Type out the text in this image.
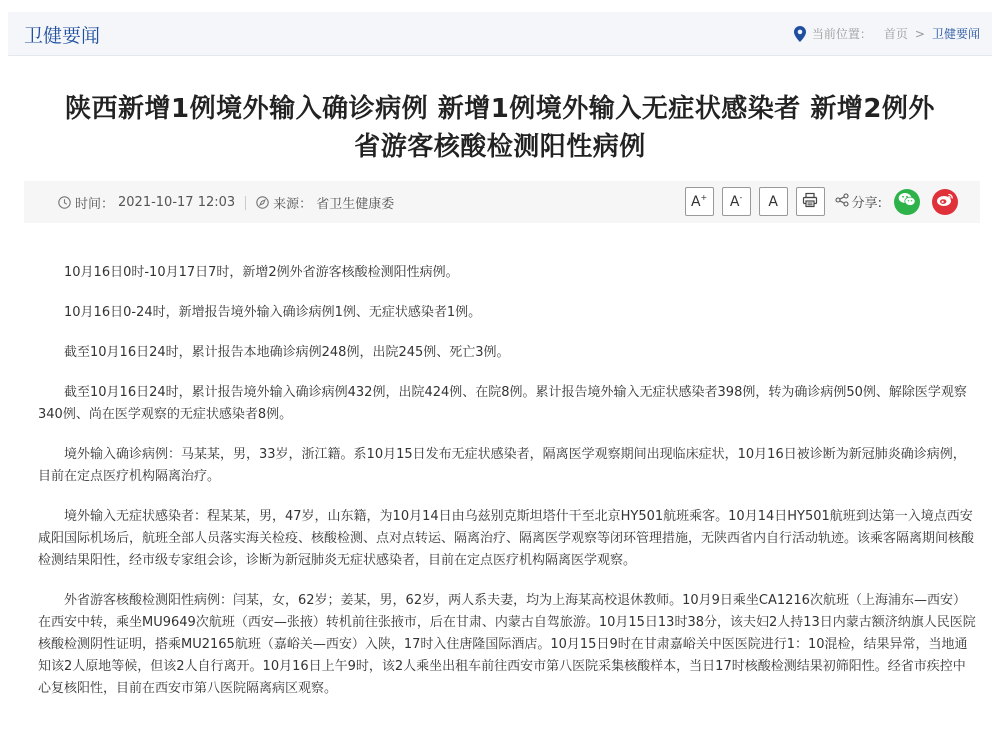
卫健要闻	当前位置： 首页 > 卫健要闻
陕西新增1例境外输入确诊病例 新增1例境外输入无症状感染者 新增2例外
省游客核酸检测阳性病例
时间： 2021-10-17 12:03	来源： 省卫生健康委	A+ A- A	分享:

10月16日0时-10月17日7时，新增2例外省游客核酸检测阳性病例。

10月16日0-24时，新增报告境外输入确诊病例1例、无症状感染者1例。

截至10月16日24时，累计报告本地确诊病例248例，出院245例、死亡3例。

截至10月16日24时，累计报告境外输入确诊病例432例，出院424例、在院8例。累计报告境外输入无症状感染者398例，转为确诊病例50例、解除医学观察340例、尚在医学观察的无症状感染者8例。

境外输入确诊病例：马某某，男，33岁，浙江籍。系10月15日发布无症状感染者，隔离医学观察期间出现临床症状，10月16日被诊断为新冠肺炎确诊病例，目前在定点医疗机构隔离治疗。

境外输入无症状感染者：程某某，男，47岁，山东籍，为10月14日由乌兹别克斯坦塔什干至北京HY501航班乘客。10月14日HY501航班到达第一入境点西安咸阳国际机场后，航班全部人员落实海关检疫、核酸检测、点对点转运、隔离治疗、隔离医学观察等闭环管理措施，无陕西省内自行活动轨迹。该乘客隔离期间核酸检测结果阳性，经市级专家组会诊，诊断为新冠肺炎无症状感染者，目前在定点医疗机构隔离医学观察。

外省游客核酸检测阳性病例：闫某，女，62岁；姜某，男，62岁，两人系夫妻，均为上海某高校退休教师。10月9日乘坐CA1216次航班（上海浦东—西安）在西安中转，乘坐MU9649次航班（西安—张掖）转机前往张掖市，后在甘肃、内蒙古自驾旅游。10月15日13时38分，该夫妇2人持13日内蒙古额济纳旗人民医院核酸检测阴性证明，搭乘MU2165航班（嘉峪关—西安）入陕，17时入住唐隆国际酒店。10月15日9时在甘肃嘉峪关中医医院进行1：10混检，结果异常，当地通知该2人原地等候，但该2人自行离开。10月16日上午9时，该2人乘坐出租车前往西安市第八医院采集核酸样本，当日17时核酸检测结果初筛阳性。经省市疾控中心复核阳性，目前在西安市第八医院隔离病区观察。
